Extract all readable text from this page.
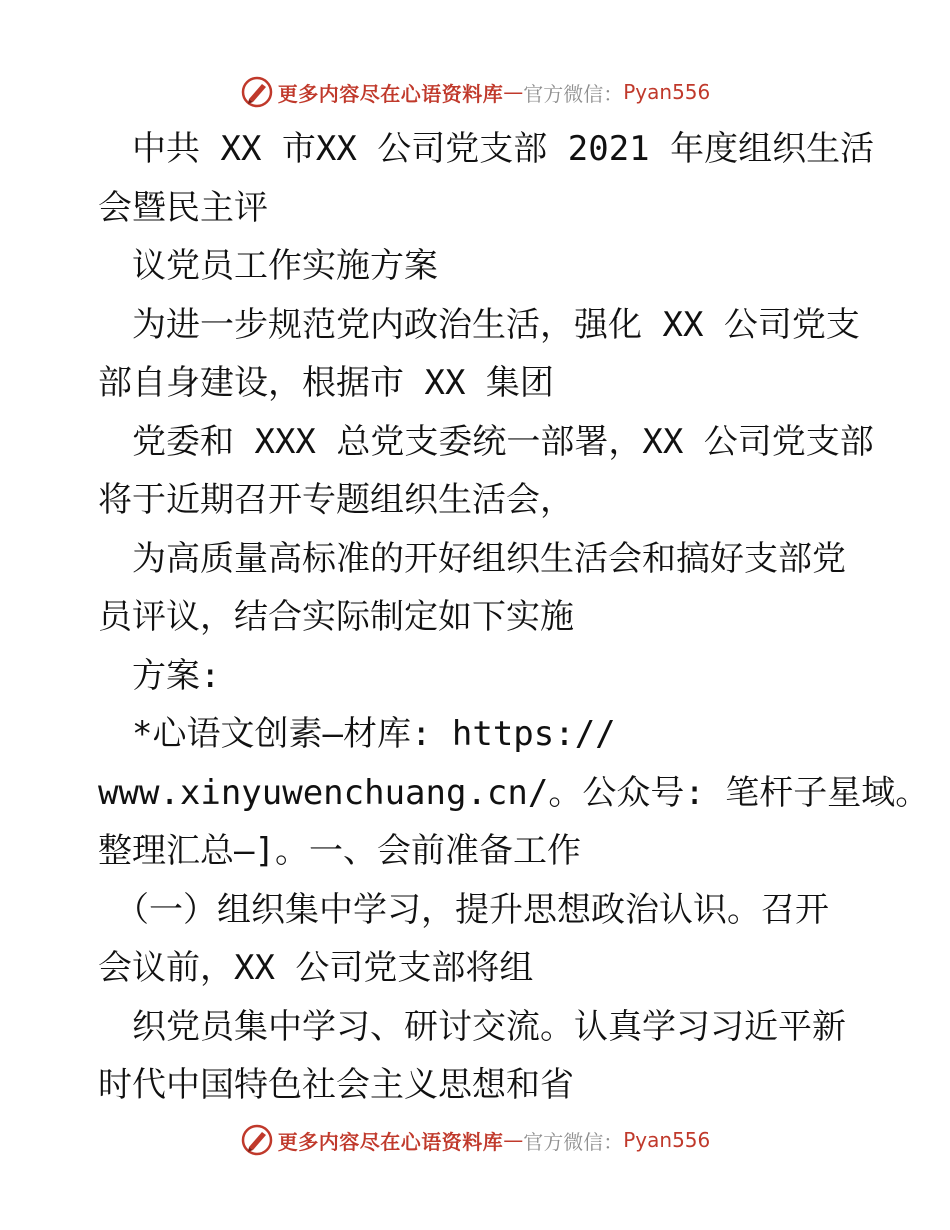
更多内容尽在心语资料库 — 官方微信： Pyan556
　中共 XX 市XX 公司党支部 2021 年度组织生活
会暨民主评
　议党员工作实施方案
　为进一步规范党内政治生活，强化 XX 公司党支
部自身建设，根据市 XX 集团
　党委和 XXX 总党支委统一部署，XX 公司党支部
将于近期召开专题组织生活会，
　为高质量高标准的开好组织生活会和搞好支部党
员评议，结合实际制定如下实施
　方案:
　*心语文创素—材库: https://
www.xinyuwenchuang.cn/。公众号: 笔杆子星域。
整理汇总—]。一、会前准备工作
　（一）组织集中学习，提升思想政治认识。召开
会议前，XX 公司党支部将组
　织党员集中学习、研讨交流。认真学习习近平新
时代中国特色社会主义思想和省
更多内容尽在心语资料库 — 官方微信： Pyan556
